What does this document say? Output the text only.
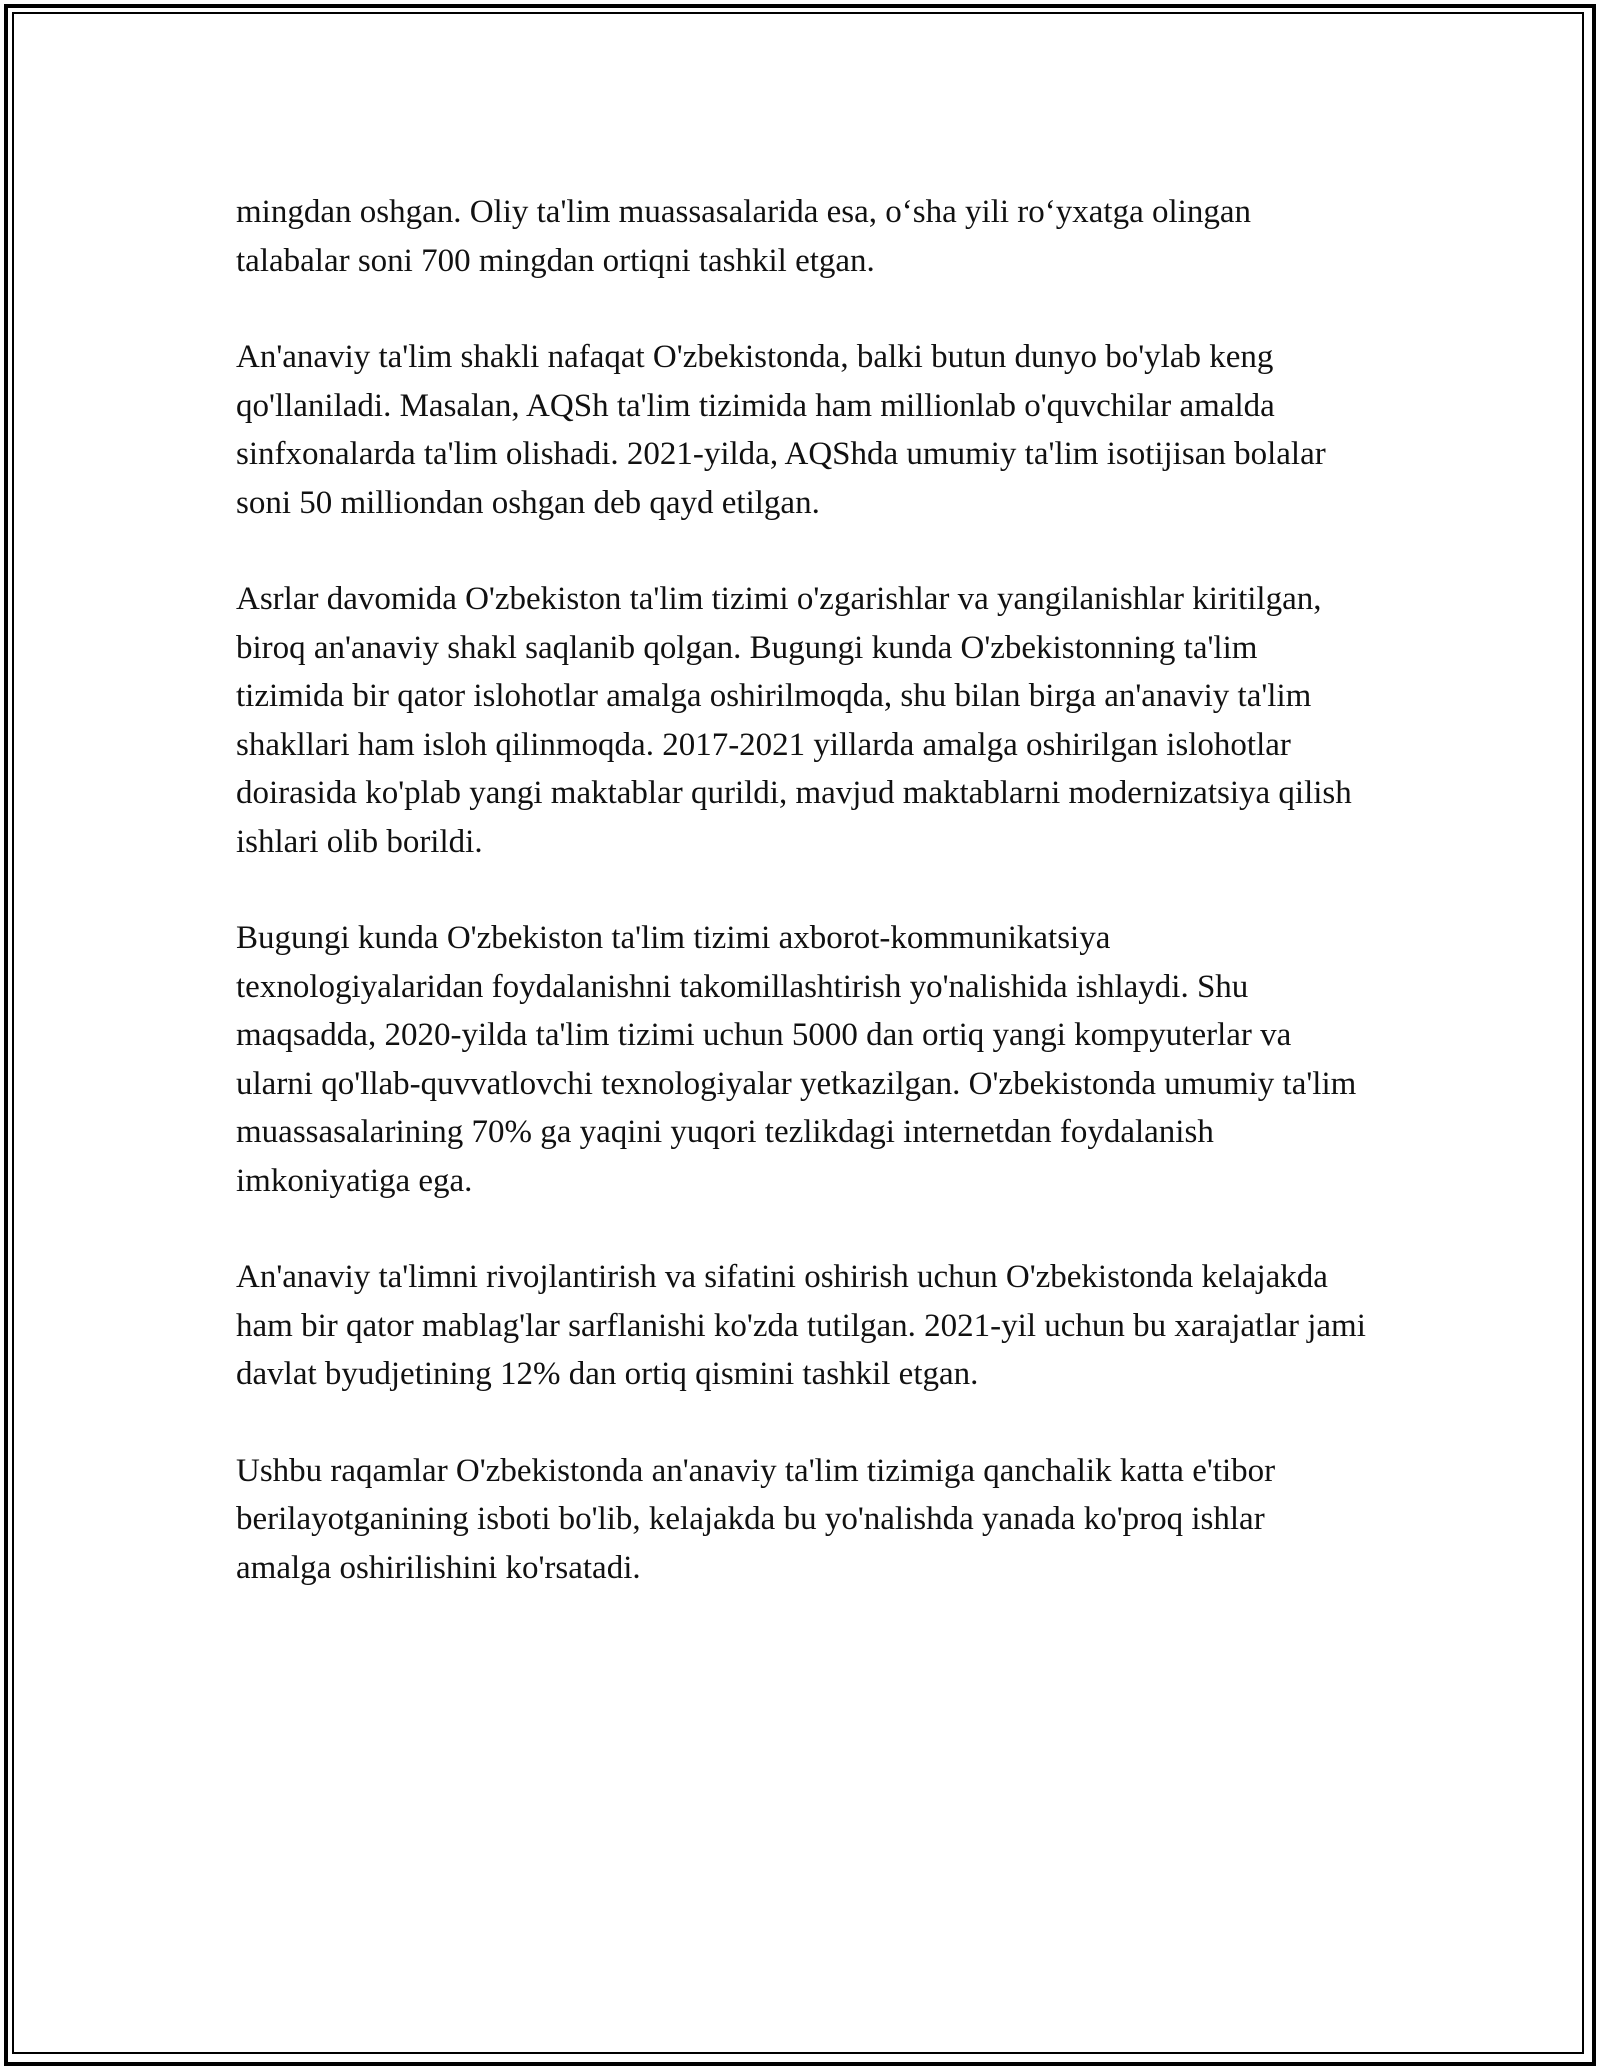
mingdan oshgan. Oliy ta'lim muassasalarida esa, o‘sha yili ro‘yxatga olingan talabalar soni 700 mingdan ortiqni tashkil etgan.

An'anaviy ta'lim shakli nafaqat O'zbekistonda, balki butun dunyo bo'ylab keng qo'llaniladi. Masalan, AQSh ta'lim tizimida ham millionlab o'quvchilar amalda sinfxonalarda ta'lim olishadi. 2021-yilda, AQShda umumiy ta'lim isotijisan bolalar soni 50 milliondan oshgan deb qayd etilgan.

Asrlar davomida O'zbekiston ta'lim tizimi o'zgarishlar va yangilanishlar kiritilgan, biroq an'anaviy shakl saqlanib qolgan. Bugungi kunda O'zbekistonning ta'lim tizimida bir qator islohotlar amalga oshirilmoqda, shu bilan birga an'anaviy ta'lim shakllari ham isloh qilinmoqda. 2017-2021 yillarda amalga oshirilgan islohotlar doirasida ko'plab yangi maktablar qurildi, mavjud maktablarni modernizatsiya qilish ishlari olib borildi.

Bugungi kunda O'zbekiston ta'lim tizimi axborot-kommunikatsiya texnologiyalaridan foydalanishni takomillashtirish yo'nalishida ishlaydi. Shu maqsadda, 2020-yilda ta'lim tizimi uchun 5000 dan ortiq yangi kompyuterlar va ularni qo'llab-quvvatlovchi texnologiyalar yetkazilgan. O'zbekistonda umumiy ta'lim muassasalarining 70% ga yaqini yuqori tezlikdagi internetdan foydalanish imkoniyatiga ega.

An'anaviy ta'limni rivojlantirish va sifatini oshirish uchun O'zbekistonda kelajakda ham bir qator mablag'lar sarflanishi ko'zda tutilgan. 2021-yil uchun bu xarajatlar jami davlat byudjetining 12% dan ortiq qismini tashkil etgan.

Ushbu raqamlar O'zbekistonda an'anaviy ta'lim tizimiga qanchalik katta e'tibor berilayotganining isboti bo'lib, kelajakda bu yo'nalishda yanada ko'proq ishlar amalga oshirilishini ko'rsatadi.
